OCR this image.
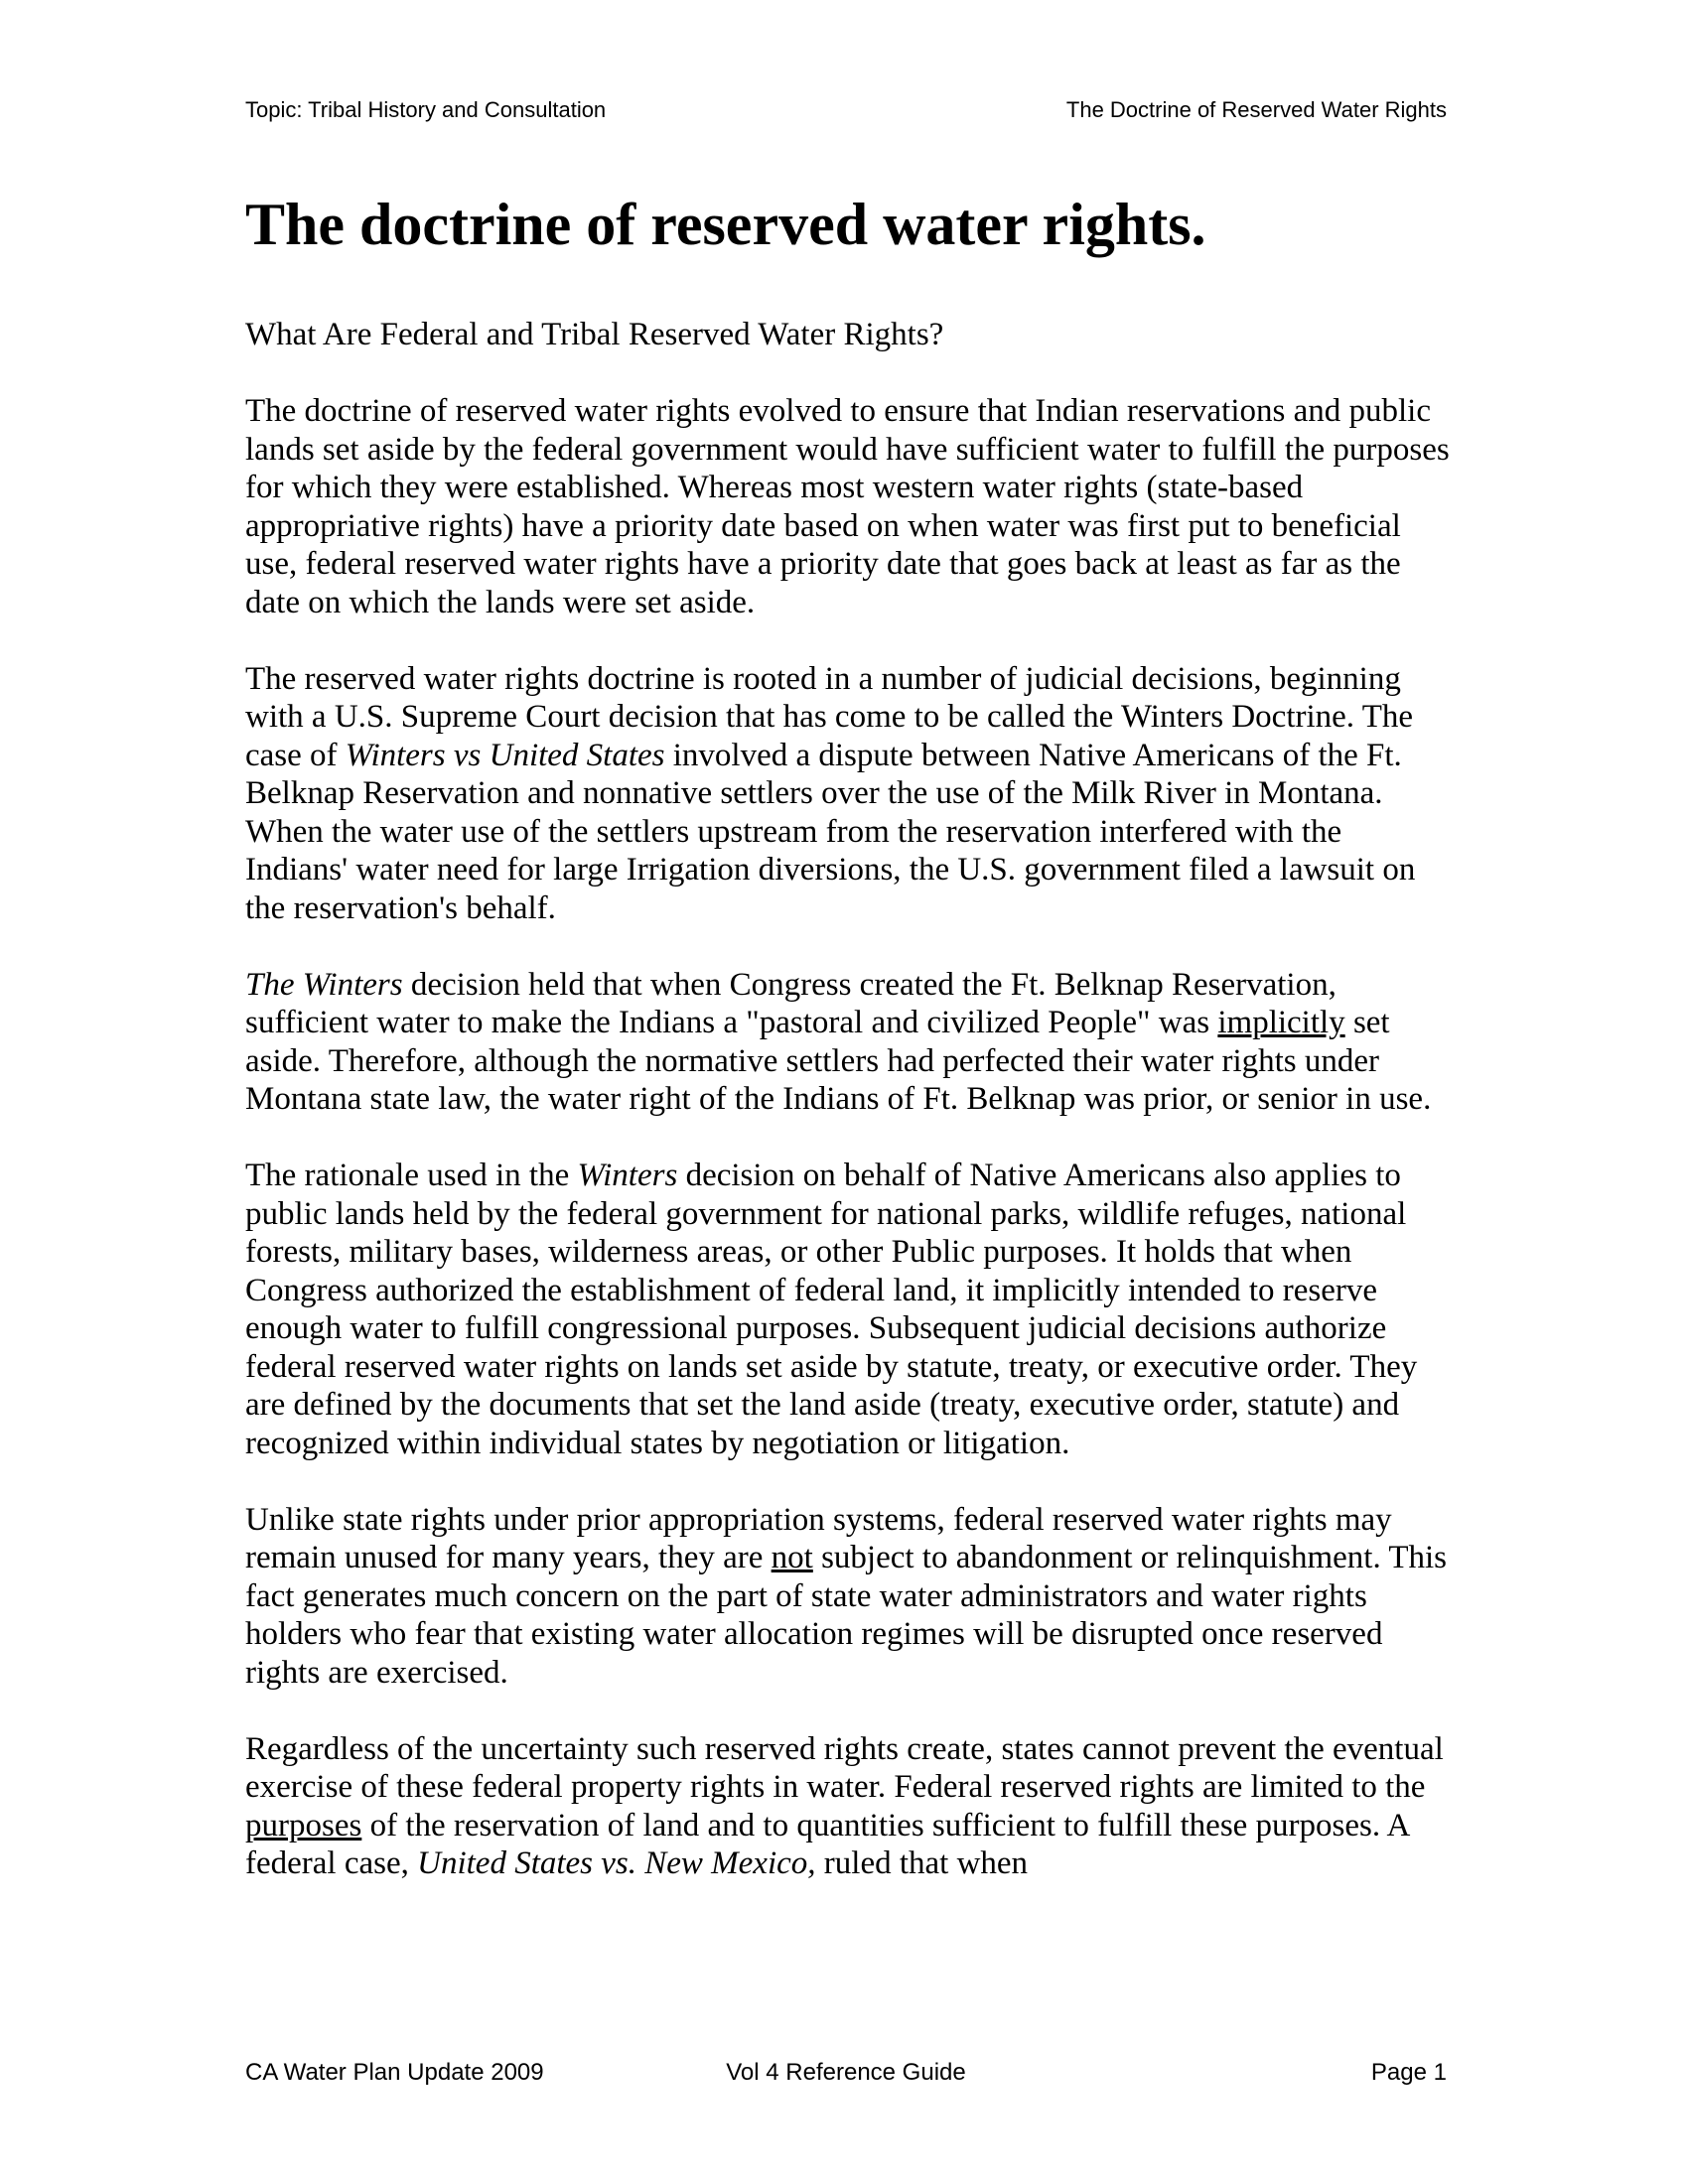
Topic: Tribal History and Consultation	The Doctrine of Reserved Water Rights
The doctrine of reserved water rights.

What Are Federal and Tribal Reserved Water Rights?

The doctrine of reserved water rights evolved to ensure that Indian reservations and public lands set aside by the federal government would have sufficient water to fulfill the purposes for which they were established. Whereas most western water rights (state-based appropriative rights) have a priority date based on when water was first put to beneficial use, federal reserved water rights have a priority date that goes back at least as far as the date on which the lands were set aside.

The reserved water rights doctrine is rooted in a number of judicial decisions, beginning with a U.S. Supreme Court decision that has come to be called the Winters Doctrine. The case of Winters vs United States involved a dispute between Native Americans of the Ft. Belknap Reservation and nonnative settlers over the use of the Milk River in Montana. When the water use of the settlers upstream from the reservation interfered with the Indians' water need for large Irrigation diversions, the U.S. government filed a lawsuit on the reservation's behalf.

The Winters decision held that when Congress created the Ft. Belknap Reservation, sufficient water to make the Indians a "pastoral and civilized People" was implicitly set aside. Therefore, although the normative settlers had perfected their water rights under Montana state law, the water right of the Indians of Ft. Belknap was prior, or senior in use.

The rationale used in the Winters decision on behalf of Native Americans also applies to public lands held by the federal government for national parks, wildlife refuges, national forests, military bases, wilderness areas, or other Public purposes. It holds that when Congress authorized the establishment of federal land, it implicitly intended to reserve enough water to fulfill congressional purposes. Subsequent judicial decisions authorize federal reserved water rights on lands set aside by statute, treaty, or executive order. They are defined by the documents that set the land aside (treaty, executive order, statute) and recognized within individual states by negotiation or litigation.

Unlike state rights under prior appropriation systems, federal reserved water rights may remain unused for many years, they are not subject to abandonment or relinquishment. This fact generates much concern on the part of state water administrators and water rights holders who fear that existing water allocation regimes will be disrupted once reserved rights are exercised.

Regardless of the uncertainty such reserved rights create, states cannot prevent the eventual exercise of these federal property rights in water. Federal reserved rights are limited to the purposes of the reservation of land and to quantities sufficient to fulfill these purposes. A federal case, United States vs. New Mexico, ruled that when

CA Water Plan Update 2009	Vol 4 Reference Guide	Page 1
